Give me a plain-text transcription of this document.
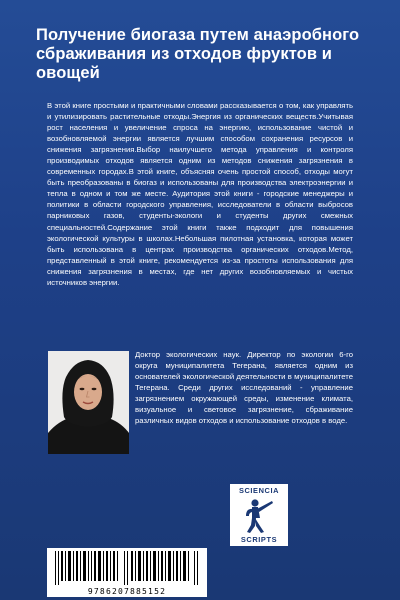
Получение биогаза путем анаэробного сбраживания из отходов фруктов и овощей
В этой книге простыми и практичными словами рассказывается о том, как управлять и утилизировать растительные отходы.Энергия из органических веществ.Учитывая рост населения и увеличение спроса на энергию, использование чистой и возобновляемой энергии является лучшим способом сохранения ресурсов и снижения загрязнения.Выбор наилучшего метода управления и контроля производимых отходов является одним из методов снижения загрязнения в современных городах.В этой книге, объясняя очень простой способ, отходы могут быть преобразованы в биогаз и использованы для производства электроэнергии и тепла в одном и том же месте. Аудитория этой книги - городские менеджеры и политики в области городского управления, исследователи в области выбросов парниковых газов, студенты-экологи и студенты других смежных специальностей.Содержание этой книги также подходит для повышения экологической культуры в школах.Небольшая пилотная установка, которая может быть использована в центрах производства органических отходов.Метод, представленный в этой книге, рекомендуется из-за простоты использования для снижения загрязнения в местах, где нет других возобновляемых и чистых источников энергии.
Доктор экологических наук. Директор по экологии 6-го округа муниципалитета Тегерана, является одним из основателей экологической деятельности в муниципалитете Тегерана. Среди других исследований - управление загрязнением окружающей среды, изменение климата, визуальное и световое загрязнение, сбраживание различных видов отходов и использование отходов в воде.
SCIENCIA
SCRIPTS
9786207885152
